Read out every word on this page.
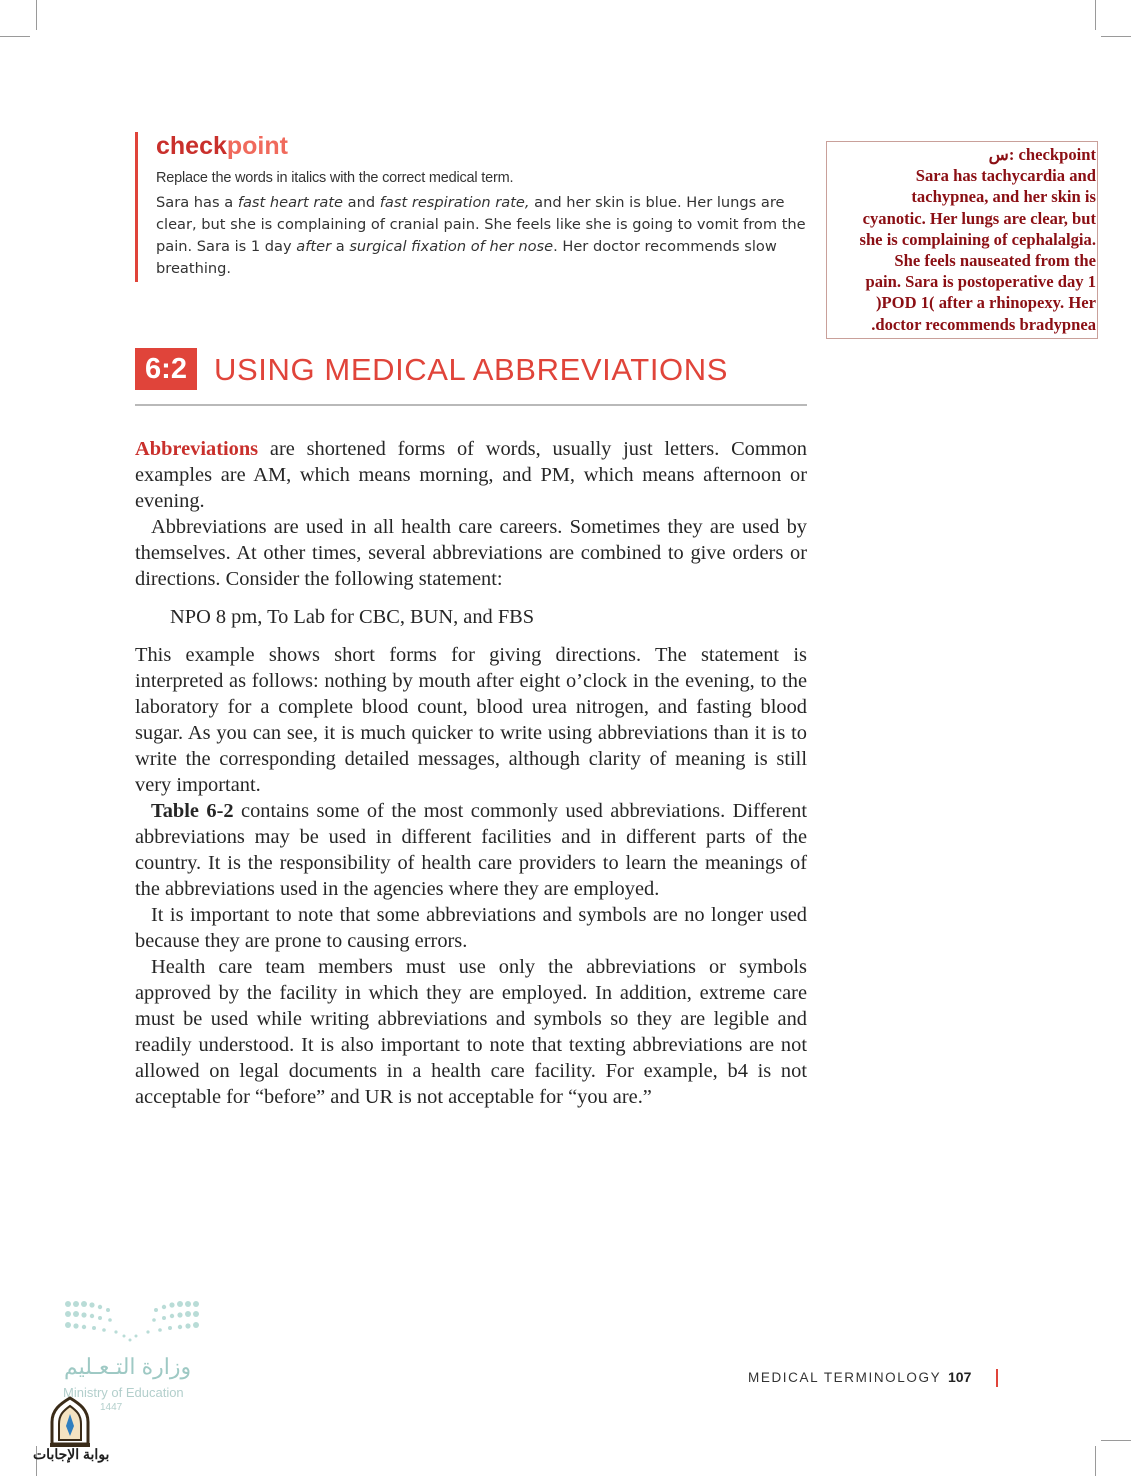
checkpoint
Replace the words in italics with the correct medical term.
Sara has a fast heart rate and fast respiration rate, and her skin is blue. Her lungs are clear, but she is complaining of cranial pain. She feels like she is going to vomit from the pain. Sara is 1 day after a surgical fixation of her nose. Her doctor recommends slow breathing.
س: checkpoint
Sara has tachycardia and
tachypnea, and her skin is
cyanotic. Her lungs are clear, but
she is complaining of cephalalgia.
She feels nauseated from the
pain. Sara is postoperative day 1
)POD 1( after a rhinopexy. Her
.doctor recommends bradypnea
6:2 USING MEDICAL ABBREVIATIONS

Abbreviations are shortened forms of words, usually just letters. Common examples are AM, which means morning, and PM, which means afternoon or evening.

Abbreviations are used in all health care careers. Sometimes they are used by themselves. At other times, several abbreviations are combined to give orders or directions. Consider the following statement:

NPO 8 pm, To Lab for CBC, BUN, and FBS

This example shows short forms for giving directions. The statement is interpreted as follows: nothing by mouth after eight o’clock in the evening, to the laboratory for a complete blood count, blood urea nitrogen, and fasting blood sugar. As you can see, it is much quicker to write using abbreviations than it is to write the corresponding detailed messages, although clarity of meaning is still very important.

Table 6-2 contains some of the most commonly used abbreviations. Different abbreviations may be used in different facilities and in different parts of the country. It is the responsibility of health care providers to learn the meanings of the abbreviations used in the agencies where they are employed.

It is important to note that some abbreviations and symbols are no longer used because they are prone to causing errors.

Health care team members must use only the abbreviations or symbols approved by the facility in which they are employed. In addition, extreme care must be used while writing abbreviations and symbols so they are legible and readily understood. It is also important to note that texting abbreviations are not allowed on legal documents in a health care facility. For example, b4 is not acceptable for “before” and UR is not acceptable for “you are.”

وزارة التـعـليم
Ministry of Education
1447
MEDICAL TERMINOLOGY 107
بوابة الإجابات
